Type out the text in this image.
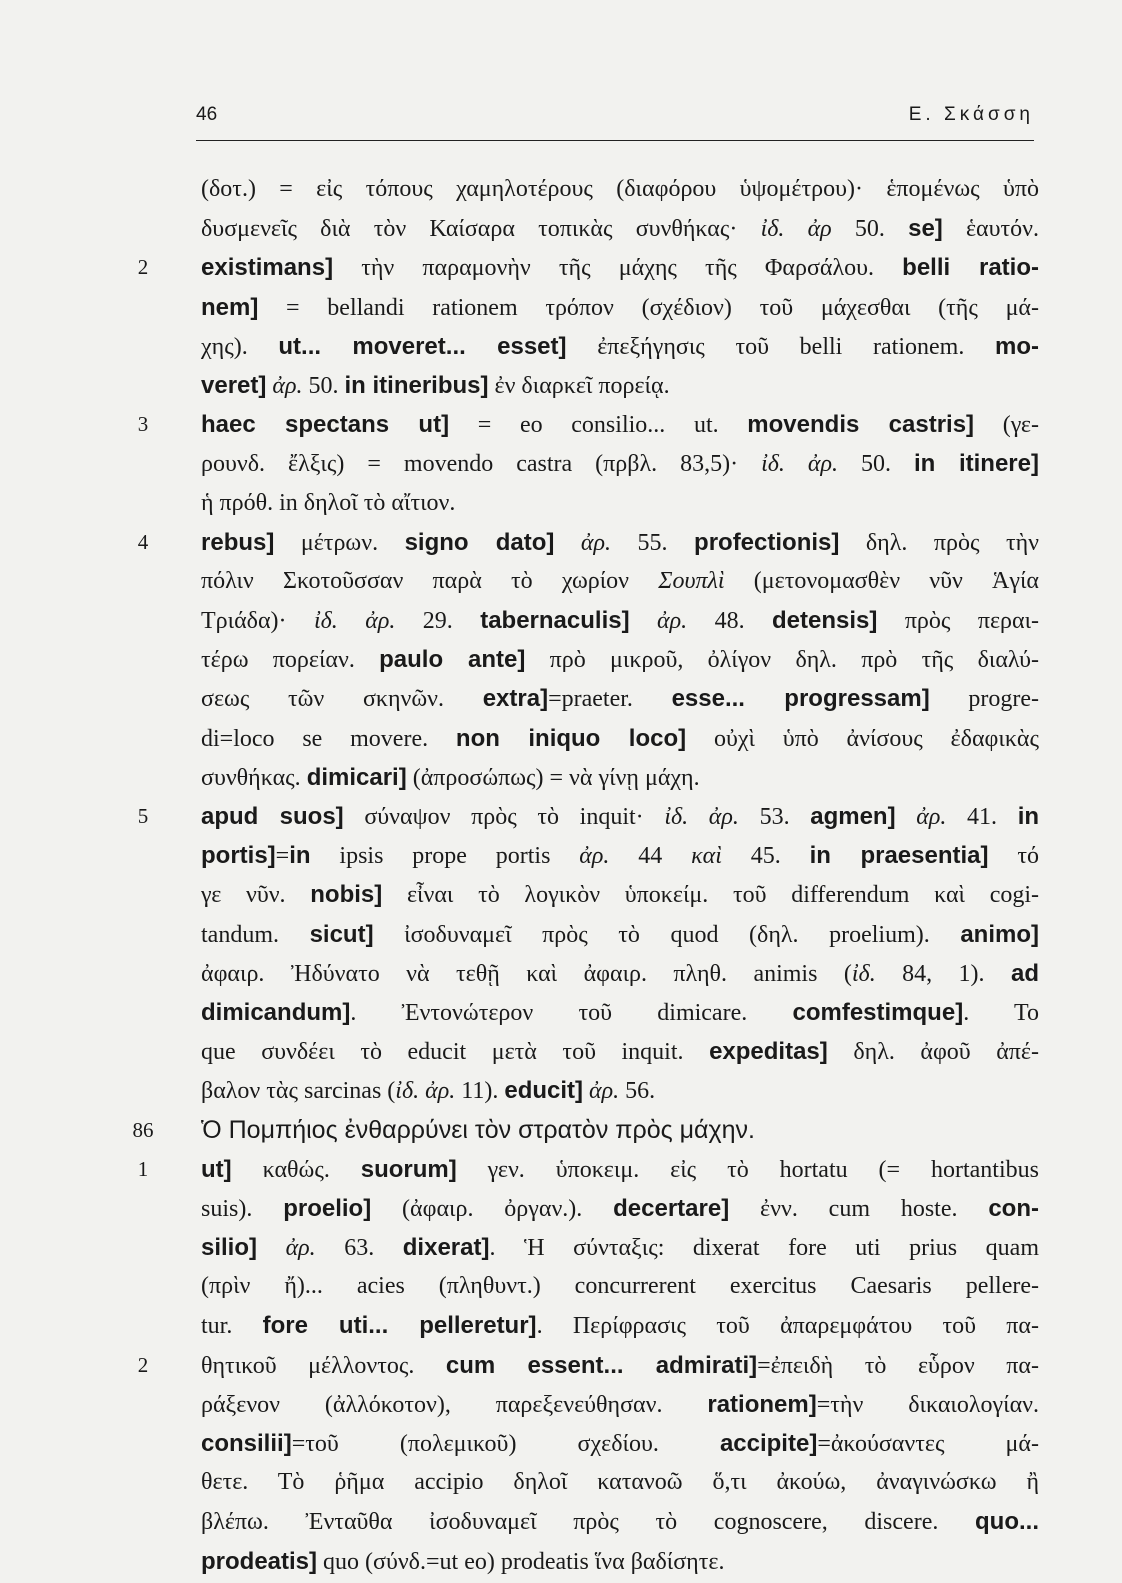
46	Ε. Σκάσση
(δοτ.) = εἰς τόπους χαμηλοτέρους (διαφόρου ὑψομέτρου)· ἑπομένως ὑπὸ
δυσμενεῖς διὰ τὸν Καίσαρα τοπικὰς συνθήκας· ἰδ. ἀρ 50. se] ἑαυτόν.
2	existimans] τὴν παραμονὴν τῆς μάχης τῆς Φαρσάλου. belli ratio-
nem] = bellandi rationem τρόπον (σχέδιον) τοῦ μάχεσθαι (τῆς μά-
χης). ut... moveret... esset] ἐπεξήγησις τοῦ belli rationem. mo-
veret] ἀρ. 50. in itineribus] ἐν διαρκεῖ πορείᾳ.
3	haec spectans ut] = eo consilio... ut. movendis castris] (γε-
ρουνδ. ἔλξις) = movendo castra (πρβλ. 83,5)· ἰδ. ἀρ. 50. in itinere]
ἡ πρόθ. in δηλοῖ τὸ αἴτιον.
4	rebus] μέτρων. signo dato] ἀρ. 55. profectionis] δηλ. πρὸς τὴν
πόλιν Σκοτοῦσσαν παρὰ τὸ χωρίον Σουπλὶ (μετονομασθὲν νῦν Ἁγία
Τριάδα)· ἰδ. ἀρ. 29. tabernaculis] ἀρ. 48. detensis] πρὸς περαι-
τέρω πορείαν. paulo ante] πρὸ μικροῦ, ὀλίγον δηλ. πρὸ τῆς διαλύ-
σεως τῶν σκηνῶν. extra]=praeter. esse... progressam] progre-
di=loco se movere. non iniquo loco] οὐχὶ ὑπὸ ἀνίσους ἐδαφικὰς
συνθήκας. dimicari] (ἀπροσώπως) = νὰ γίνῃ μάχη.
5	apud suos] σύναψον πρὸς τὸ inquit· ἰδ. ἀρ. 53. agmen] ἀρ. 41. in
portis]=in ipsis prope portis ἀρ. 44 καὶ 45. in praesentia] τό
γε νῦν. nobis] εἶναι τὸ λογικὸν ὑποκείμ. τοῦ differendum καὶ cogi-
tandum. sicut] ἰσοδυναμεῖ πρὸς τὸ quod (δηλ. proelium). animo]
ἀφαιρ. Ἠδύνατο νὰ τεθῇ καὶ ἀφαιρ. πληθ. animis (ἰδ. 84, 1). ad
dimicandum]. Ἐντονώτερον τοῦ dimicare. comfestimque]. To
que συνδέει τὸ educit μετὰ τοῦ inquit. expeditas] δηλ. ἀφοῦ ἀπέ-
βαλον τὰς sarcinas (ἰδ. ἀρ. 11). educit] ἀρ. 56.
86	Ὁ Πομπήιος ἐνθαρρύνει τὸν στρατὸν πρὸς μάχην.
1	ut] καθώς. suorum] γεν. ὑποκειμ. εἰς τὸ hortatu (= hortantibus
suis). proelio] (ἀφαιρ. ὀργαν.). decertare] ἐνν. cum hoste. con-
silio] ἀρ. 63. dixerat]. Ἡ σύνταξις: dixerat fore uti prius quam
(πρὶν ἤ)... acies (πληθυντ.) concurrerent exercitus Caesaris pellere-
tur. fore uti... pelleretur]. Περίφρασις τοῦ ἀπαρεμφάτου τοῦ πα-
2	θητικοῦ μέλλοντος. cum essent... admirati]=ἐπειδὴ τὸ εὗρον πα-
ράξενον (ἀλλόκοτον), παρεξενεύθησαν. rationem]=τὴν δικαιολογίαν.
consilii]=τοῦ (πολεμικοῦ) σχεδίου. accipite]=ἀκούσαντες μά-
θετε. Τὸ ῥῆμα accipio δηλοῖ κατανοῶ ὅ,τι ἀκούω, ἀναγινώσκω ἢ
βλέπω. Ἐνταῦθα ἰσοδυναμεῖ πρὸς τὸ cognoscere, discere. quo...
prodeatis] quo (σύνδ.=ut eo) prodeatis ἵνα βαδίσητε.
